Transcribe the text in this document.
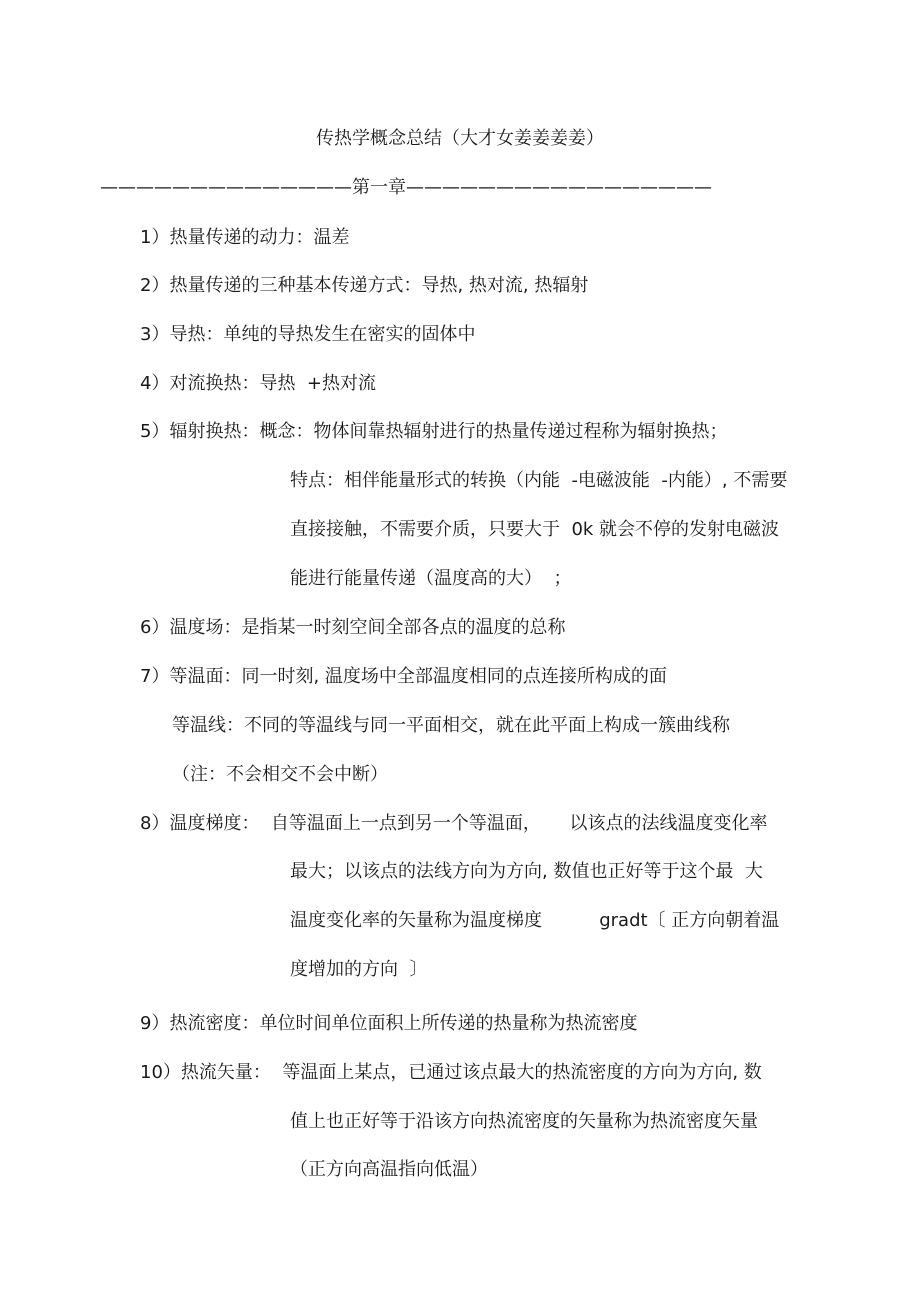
传热学概念总结（大才女姜姜姜姜）
——————————————第一章—————————————————
1）热量传递的动力：温差
2）热量传递的三种基本传递方式：导热, 热对流, 热辐射
3）导热：单纯的导热发生在密实的固体中
4）对流换热：导热  +热对流
5）辐射换热：概念：物体间靠热辐射进行的热量传递过程称为辐射换热；
特点：相伴能量形式的转换（内能  -电磁波能  -内能）, 不需要
直接接触，不需要介质，只要大于  0k 就会不停的发射电磁波
能进行能量传递（温度高的大）  ；
6）温度场：是指某一时刻空间全部各点的温度的总称
7）等温面：同一时刻, 温度场中全部温度相同的点连接所构成的面
等温线：不同的等温线与同一平面相交，就在此平面上构成一簇曲线称
（注：不会相交不会中断）
8）温度梯度：  自等温面上一点到另一个等温面，     以该点的法线温度变化率
最大；以该点的法线方向为方向, 数值也正好等于这个最  大
温度变化率的矢量称为温度梯度          gradt〔 正方向朝着温
度增加的方向  〕
9）热流密度：单位时间单位面积上所传递的热量称为热流密度
10）热流矢量：  等温面上某点，已通过该点最大的热流密度的方向为方向, 数
值上也正好等于沿该方向热流密度的矢量称为热流密度矢量
（正方向高温指向低温）
